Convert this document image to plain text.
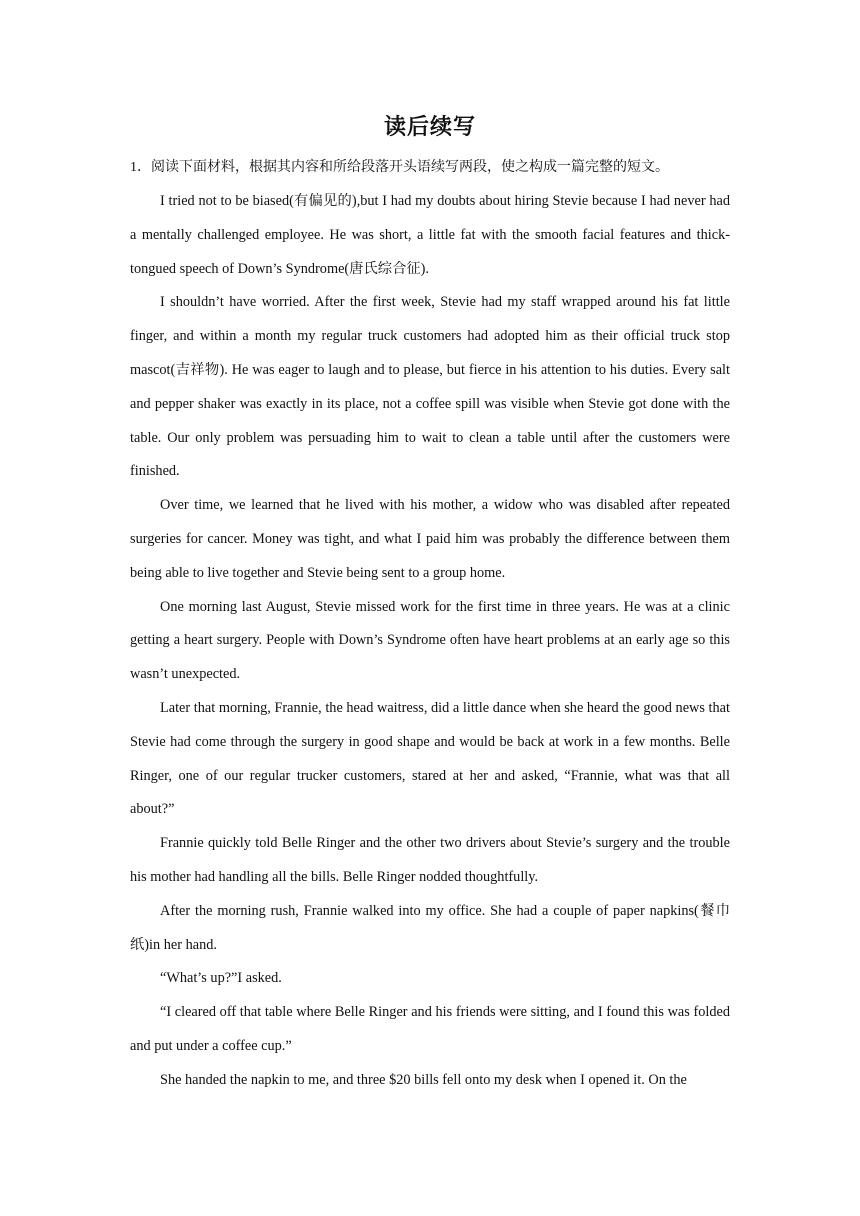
读后续写

1．阅读下面材料，根据其内容和所给段落开头语续写两段，使之构成一篇完整的短文。

I tried not to be biased(有偏见的),but I had my doubts about hiring Stevie because I had never had a mentally challenged employee. He was short, a little fat with the smooth facial features and thick-tongued speech of Down’s Syndrome(唐氏综合征).

I shouldn’t have worried. After the first week, Stevie had my staff wrapped around his fat little finger, and within a month my regular truck customers had adopted him as their official truck stop mascot(吉祥物). He was eager to laugh and to please, but fierce in his attention to his duties. Every salt and pepper shaker was exactly in its place, not a coffee spill was visible when Stevie got done with the table. Our only problem was persuading him to wait to clean a table until after the customers were finished.

Over time, we learned that he lived with his mother, a widow who was disabled after repeated surgeries for cancer. Money was tight, and what I paid him was probably the difference between them being able to live together and Stevie being sent to a group home.

One morning last August, Stevie missed work for the first time in three years. He was at a clinic getting a heart surgery. People with Down’s Syndrome often have heart problems at an early age so this wasn’t unexpected.

Later that morning, Frannie, the head waitress, did a little dance when she heard the good news that Stevie had come through the surgery in good shape and would be back at work in a few months. Belle Ringer, one of our regular trucker customers, stared at her and asked, “Frannie, what was that all about?”

Frannie quickly told Belle Ringer and the other two drivers about Stevie’s surgery and the trouble his mother had handling all the bills. Belle Ringer nodded thoughtfully.

After the morning rush, Frannie walked into my office. She had a couple of paper napkins(餐巾纸)in her hand.

“What’s up?”I asked.

“I cleared off that table where Belle Ringer and his friends were sitting, and I found this was folded and put under a coffee cup.”

She handed the napkin to me, and three $20 bills fell onto my desk when I opened it. On the
